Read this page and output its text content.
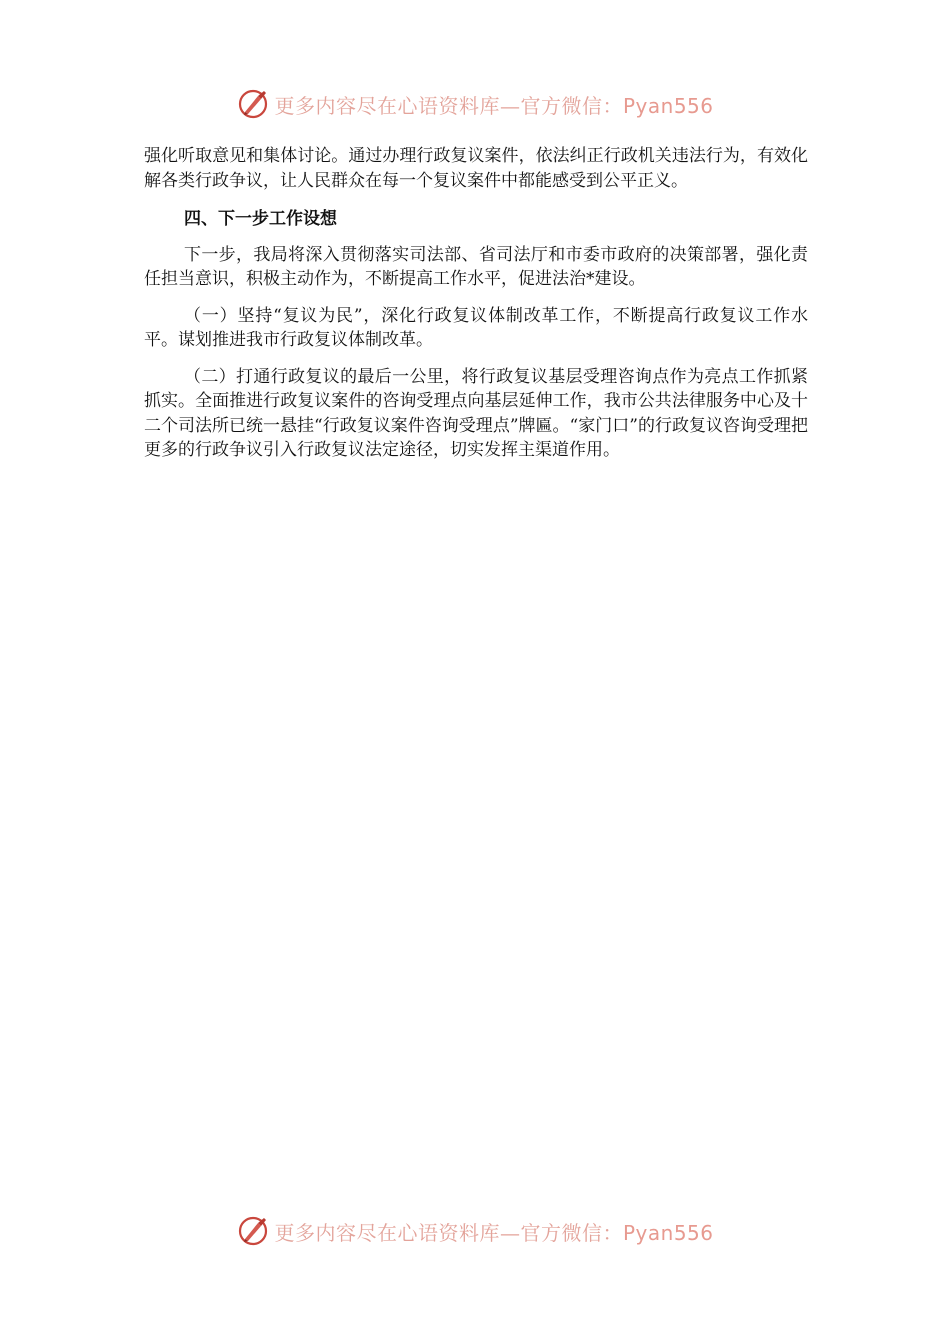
更多内容尽在心语资料库—官方微信：Pyan556

强化听取意见和集体讨论。通过办理行政复议案件，依法纠正行政机关违法行为，有效化解各类行政争议，让人民群众在每一个复议案件中都能感受到公平正义。

四、下一步工作设想

下一步，我局将深入贯彻落实司法部、省司法厅和市委市政府的决策部署，强化责任担当意识，积极主动作为，不断提高工作水平，促进法治*建设。

（一）坚持“复议为民”，深化行政复议体制改革工作，不断提高行政复议工作水平。谋划推进我市行政复议体制改革。

（二）打通行政复议的最后一公里，将行政复议基层受理咨询点作为亮点工作抓紧抓实。全面推进行政复议案件的咨询受理点向基层延伸工作，我市公共法律服务中心及十二个司法所已统一悬挂“行政复议案件咨询受理点”牌匾。“家门口”的行政复议咨询受理把更多的行政争议引入行政复议法定途径，切实发挥主渠道作用。

更多内容尽在心语资料库—官方微信：Pyan556
